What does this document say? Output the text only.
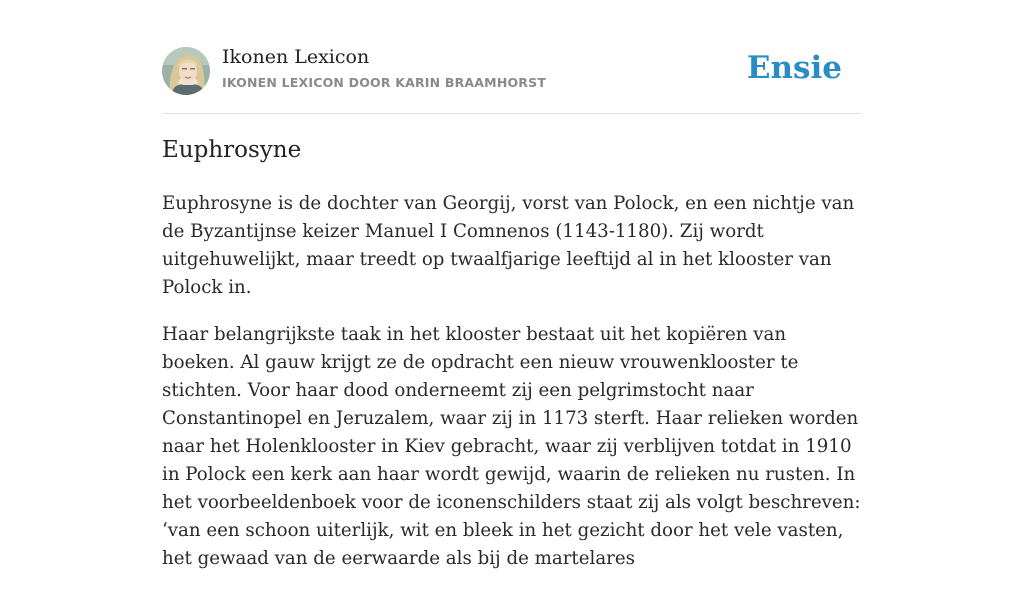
Ikonen Lexicon
IKONEN LEXICON DOOR KARIN BRAAMHORST	Ensie
Euphrosyne

Euphrosyne is de dochter van Georgij, vorst van Polock, en een nichtje van de Byzantijnse keizer Manuel I Comnenos (1143-1180). Zij wordt uitgehuwelijkt, maar treedt op twaalfjarige leeftijd al in het klooster van Polock in.

Haar belangrijkste taak in het klooster bestaat uit het kopiëren van boeken. Al gauw krijgt ze de opdracht een nieuw vrouwenklooster te stichten. Voor haar dood onderneemt zij een pelgrimstocht naar Constantinopel en Jeruzalem, waar zij in 1173 sterft. Haar relieken worden naar het Holenklooster in Kiev gebracht, waar zij verblijven totdat in 1910 in Polock een kerk aan haar wordt gewijd, waarin de relieken nu rusten. In het voorbeeldenboek voor de iconenschilders staat zij als volgt beschreven: ‘van een schoon uiterlijk, wit en bleek in het gezicht door het vele vasten, het gewaad van de eerwaarde als bij de martelares
